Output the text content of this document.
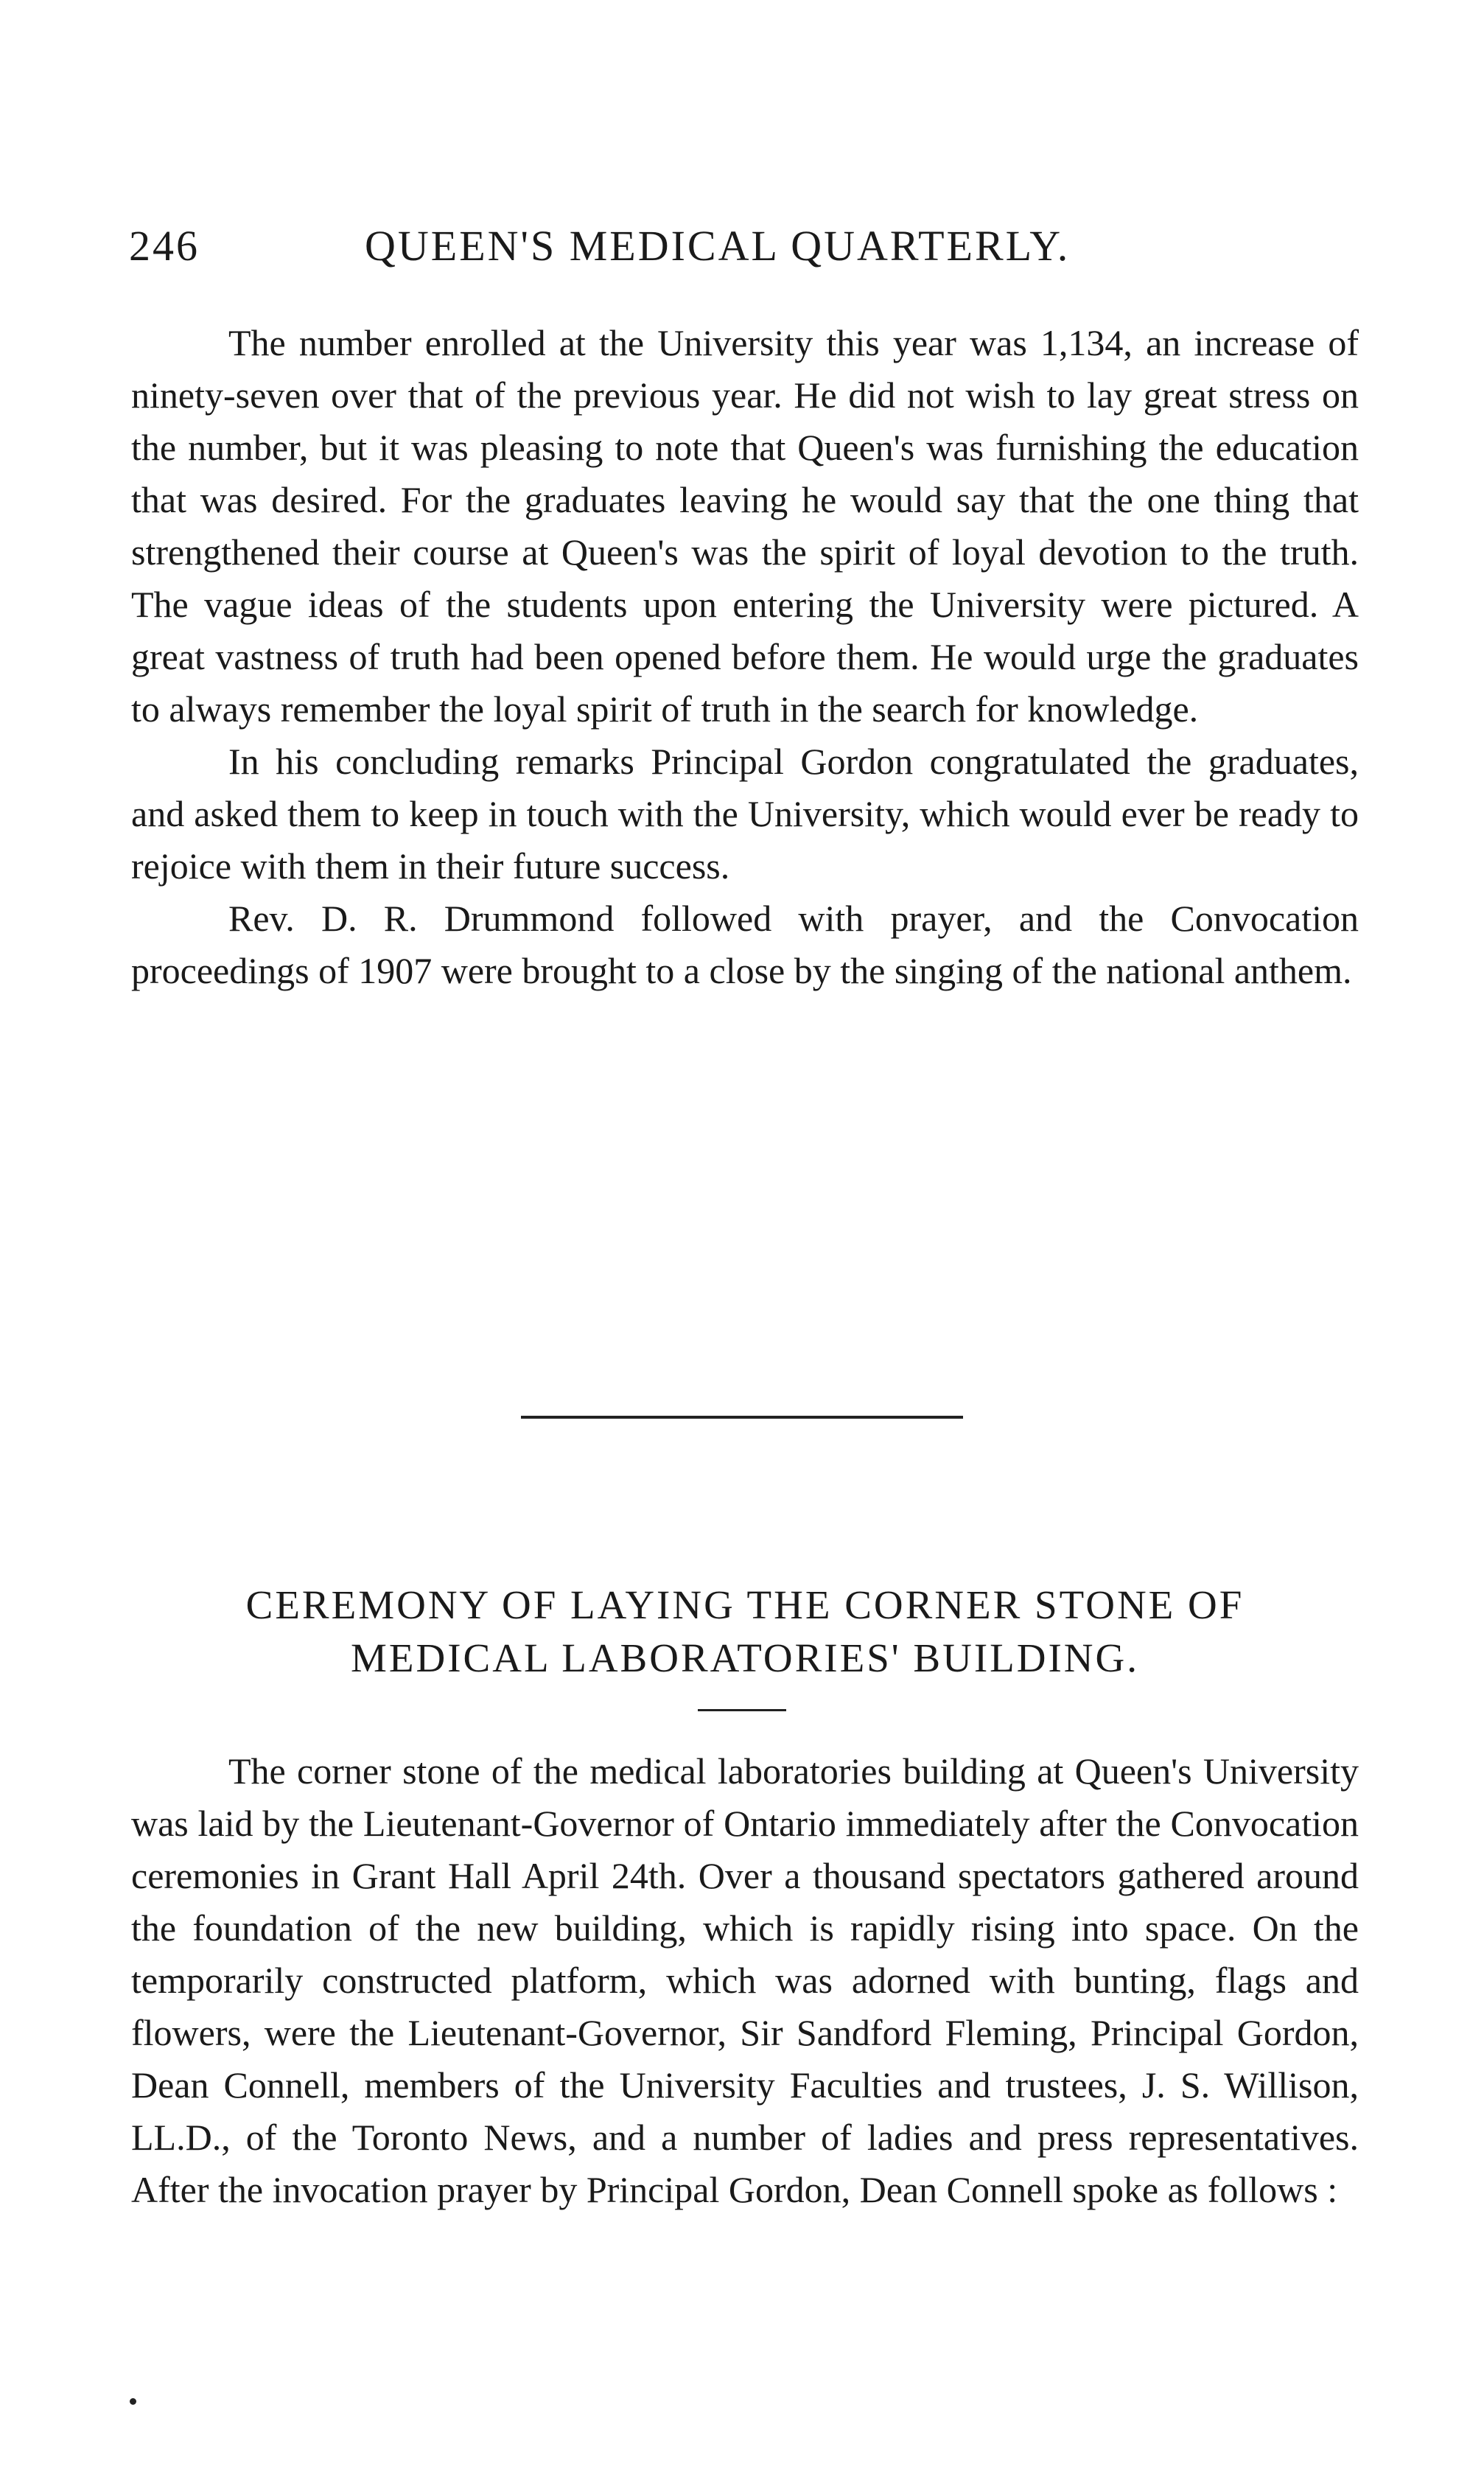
246	QUEEN'S MEDICAL QUARTERLY.

The number enrolled at the University this year was 1,134, an increase of ninety-seven over that of the previous year. He did not wish to lay great stress on the number, but it was pleasing to note that Queen's was furnishing the education that was desired. For the graduates leaving he would say that the one thing that strengthened their course at Queen's was the spirit of loyal devotion to the truth. The vague ideas of the students upon entering the University were pictured. A great vastness of truth had been opened before them. He would urge the graduates to always remember the loyal spirit of truth in the search for knowledge.

In his concluding remarks Principal Gordon congratulated the graduates, and asked them to keep in touch with the University, which would ever be ready to rejoice with them in their future success.

Rev. D. R. Drummond followed with prayer, and the Convocation proceedings of 1907 were brought to a close by the singing of the national anthem.

CEREMONY OF LAYING THE CORNER STONE OF
MEDICAL LABORATORIES' BUILDING.

The corner stone of the medical laboratories building at Queen's University was laid by the Lieutenant-Governor of Ontario immediately after the Convocation ceremonies in Grant Hall April 24th. Over a thousand spectators gathered around the foundation of the new building, which is rapidly rising into space. On the temporarily constructed platform, which was adorned with bunting, flags and flowers, were the Lieutenant-Governor, Sir Sandford Fleming, Principal Gordon, Dean Connell, members of the University Faculties and trustees, J. S. Willison, LL.D., of the Toronto News, and a number of ladies and press representatives. After the invocation prayer by Principal Gordon, Dean Connell spoke as follows :
